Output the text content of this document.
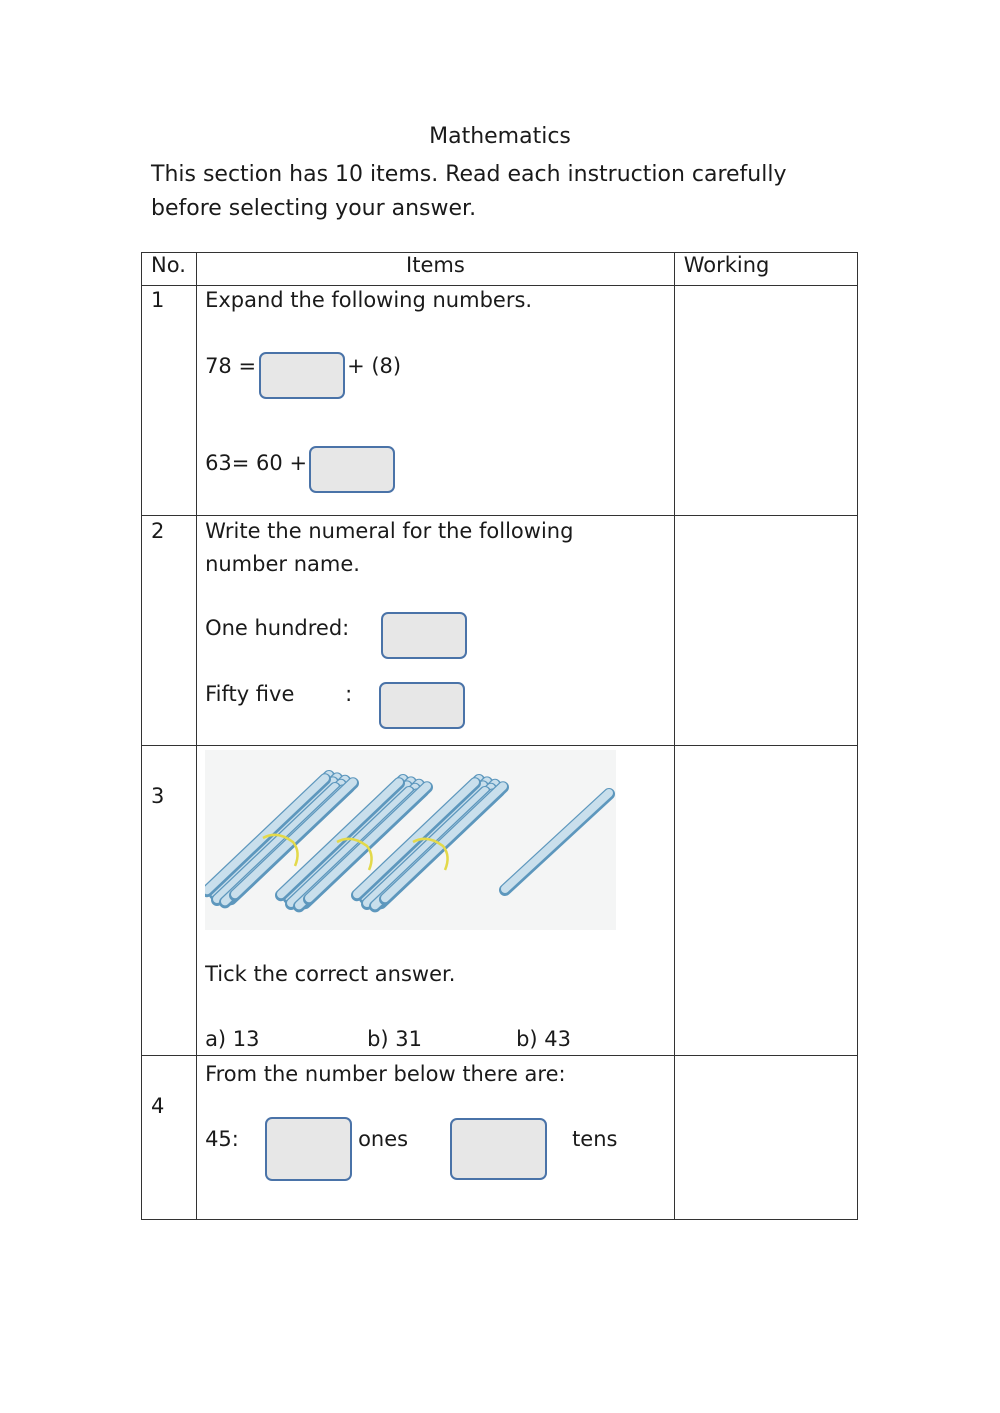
Mathematics
This section has 10 items. Read each instruction carefully before selecting your answer.
No.	Items	Working

1	Expand the following numbers.
78 = + (8)
63= 60 +	

2	Write the numeral for the following
number name.
One hundred:
Fifty five :	

3	Tick the correct answer.
a) 13 b) 31 b) 43	

4	From the number below there are:
45: ones tens	
